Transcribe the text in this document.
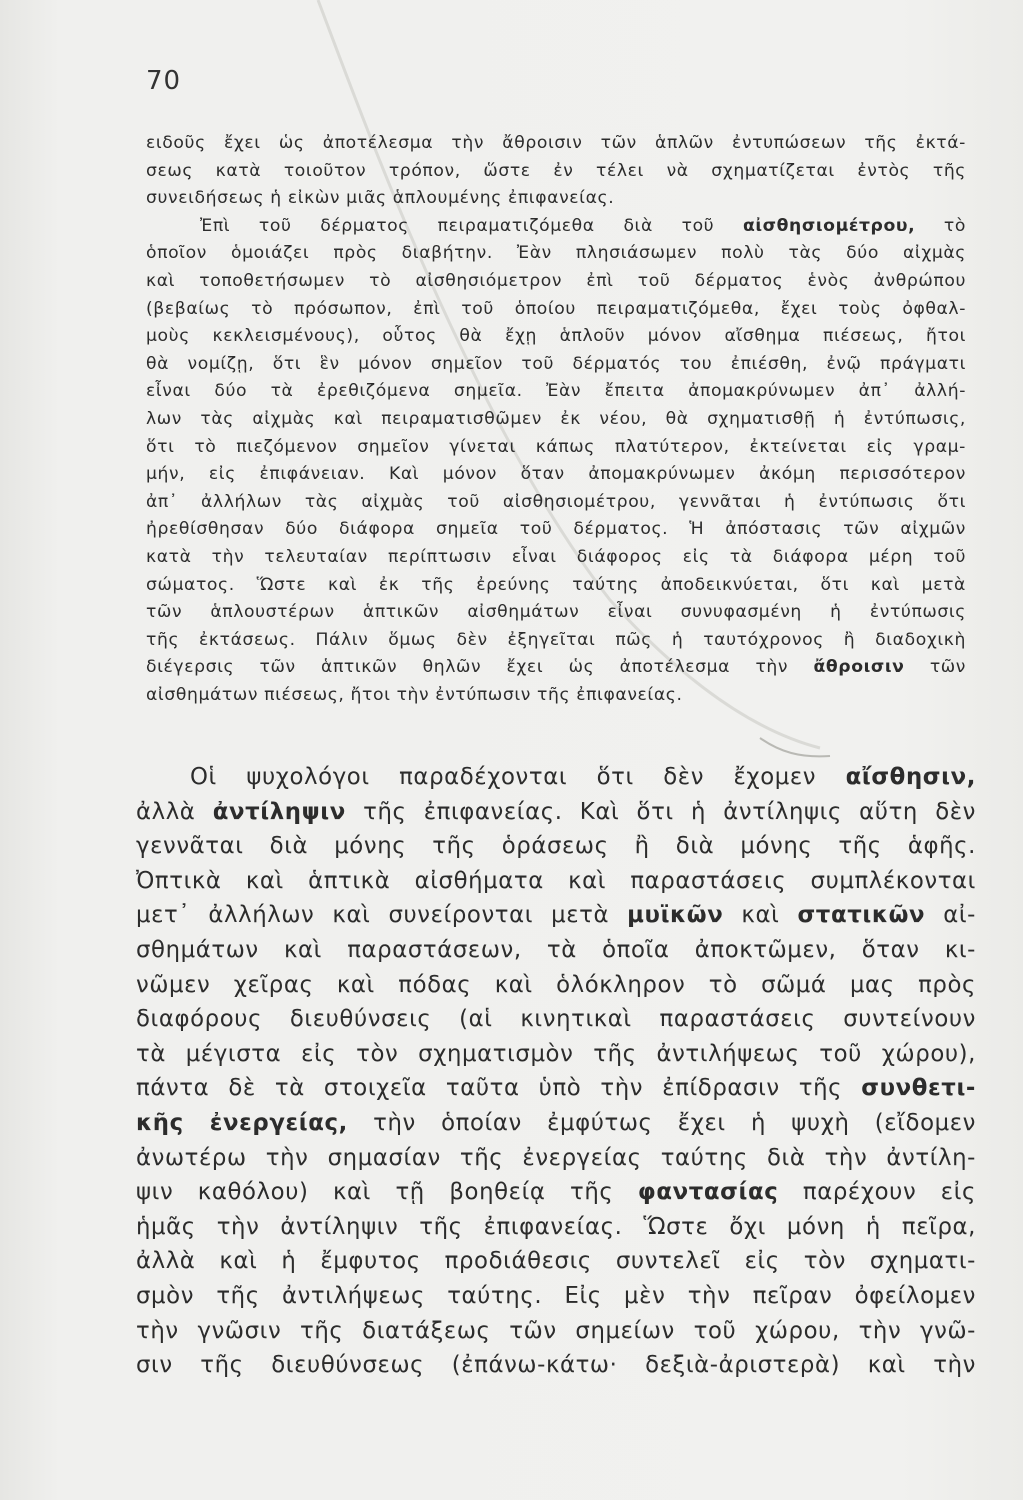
70
ειδοῦς ἔχει ὡς ἀποτέλεσμα τὴν ἄθροισιν τῶν ἁπλῶν ἐντυπώσεων τῆς ἐκτά-
σεως κατὰ τοιοῦτον τρόπον, ὥστε ἐν τέλει νὰ σχηματίζεται ἐντὸς τῆς
συνειδήσεως ἡ εἰκὼν μιᾶς ἁπλουμένης ἐπιφανείας.
Ἐπὶ τοῦ δέρματος πειραματιζόμεθα διὰ τοῦ αἰσθησιομέτρου, τὸ
ὁποῖον ὁμοιάζει πρὸς διαβήτην. Ἐὰν πλησιάσωμεν πολὺ τὰς δύο αἰχμὰς
καὶ τοποθετήσωμεν τὸ αἰσθησιόμετρον ἐπὶ τοῦ δέρματος ἑνὸς ἀνθρώπου
(βεβαίως τὸ πρόσωπον, ἐπὶ τοῦ ὁποίου πειραματιζόμεθα, ἔχει τοὺς ὀφθαλ-
μοὺς κεκλεισμένους), οὗτος θὰ ἔχῃ ἁπλοῦν μόνον αἴσθημα πιέσεως, ἤτοι
θὰ νομίζῃ, ὅτι ἓν μόνον σημεῖον τοῦ δέρματός του ἐπιέσθη, ἐνῷ πράγματι
εἶναι δύο τὰ ἐρεθιζόμενα σημεῖα. Ἐὰν ἔπειτα ἀπομακρύνωμεν ἀπ᾽ ἀλλή-
λων τὰς αἰχμὰς καὶ πειραματισθῶμεν ἐκ νέου, θὰ σχηματισθῇ ἡ ἐντύπωσις,
ὅτι τὸ πιεζόμενον σημεῖον γίνεται κάπως πλατύτερον, ἐκτείνεται εἰς γραμ-
μήν, εἰς ἐπιφάνειαν. Καὶ μόνον ὅταν ἀπομακρύνωμεν ἀκόμη περισσότερον
ἀπ᾽ ἀλλήλων τὰς αἰχμὰς τοῦ αἰσθησιομέτρου, γεννᾶται ἡ ἐντύπωσις ὅτι
ἠρεθίσθησαν δύο διάφορα σημεῖα τοῦ δέρματος. Ἡ ἀπόστασις τῶν αἰχμῶν
κατὰ τὴν τελευταίαν περίπτωσιν εἶναι διάφορος εἰς τὰ διάφορα μέρη τοῦ
σώματος. Ὥστε καὶ ἐκ τῆς ἐρεύνης ταύτης ἀποδεικνύεται, ὅτι καὶ μετὰ
τῶν ἁπλουστέρων ἁπτικῶν αἰσθημάτων εἶναι συνυφασμένη ἡ ἐντύπωσις
τῆς ἐκτάσεως. Πάλιν ὅμως δὲν ἐξηγεῖται πῶς ἡ ταυτόχρονος ἢ διαδοχικὴ
διέγερσις τῶν ἁπτικῶν θηλῶν ἔχει ὡς ἀποτέλεσμα τὴν ἄθροισιν τῶν
αἰσθημάτων πιέσεως, ἤτοι τὴν ἐντύπωσιν τῆς ἐπιφανείας.
Οἱ ψυχολόγοι παραδέχονται ὅτι δὲν ἔχομεν αἴσθησιν,
ἀλλὰ ἀντίληψιν τῆς ἐπιφανείας. Καὶ ὅτι ἡ ἀντίληψις αὕτη δὲν
γεννᾶται διὰ μόνης τῆς ὁράσεως ἢ διὰ μόνης τῆς ἁφῆς.
Ὀπτικὰ καὶ ἁπτικὰ αἰσθήματα καὶ παραστάσεις συμπλέκονται
μετ᾽ ἀλλήλων καὶ συνείρονται μετὰ μυϊκῶν καὶ στατικῶν αἰ-
σθημάτων καὶ παραστάσεων, τὰ ὁποῖα ἀποκτῶμεν, ὅταν κι-
νῶμεν χεῖρας καὶ πόδας καὶ ὁλόκληρον τὸ σῶμά μας πρὸς
διαφόρους διευθύνσεις (αἱ κινητικαὶ παραστάσεις συντείνουν
τὰ μέγιστα εἰς τὸν σχηματισμὸν τῆς ἀντιλήψεως τοῦ χώρου),
πάντα δὲ τὰ στοιχεῖα ταῦτα ὑπὸ τὴν ἐπίδρασιν τῆς συνθετι-
κῆς ἐνεργείας, τὴν ὁποίαν ἐμφύτως ἔχει ἡ ψυχὴ (εἴδομεν
ἀνωτέρω τὴν σημασίαν τῆς ἐνεργείας ταύτης διὰ τὴν ἀντίλη-
ψιν καθόλου) καὶ τῇ βοηθείᾳ τῆς φαντασίας παρέχουν εἰς
ἡμᾶς τὴν ἀντίληψιν τῆς ἐπιφανείας. Ὥστε ὄχι μόνη ἡ πεῖρα,
ἀλλὰ καὶ ἡ ἔμφυτος προδιάθεσις συντελεῖ εἰς τὸν σχηματι-
σμὸν τῆς ἀντιλήψεως ταύτης. Εἰς μὲν τὴν πεῖραν ὀφείλομεν
τὴν γνῶσιν τῆς διατάξεως τῶν σημείων τοῦ χώρου, τὴν γνῶ-
σιν τῆς διευθύνσεως (ἐπάνω-κάτω· δεξιὰ-ἀριστερὰ) καὶ τὴν
